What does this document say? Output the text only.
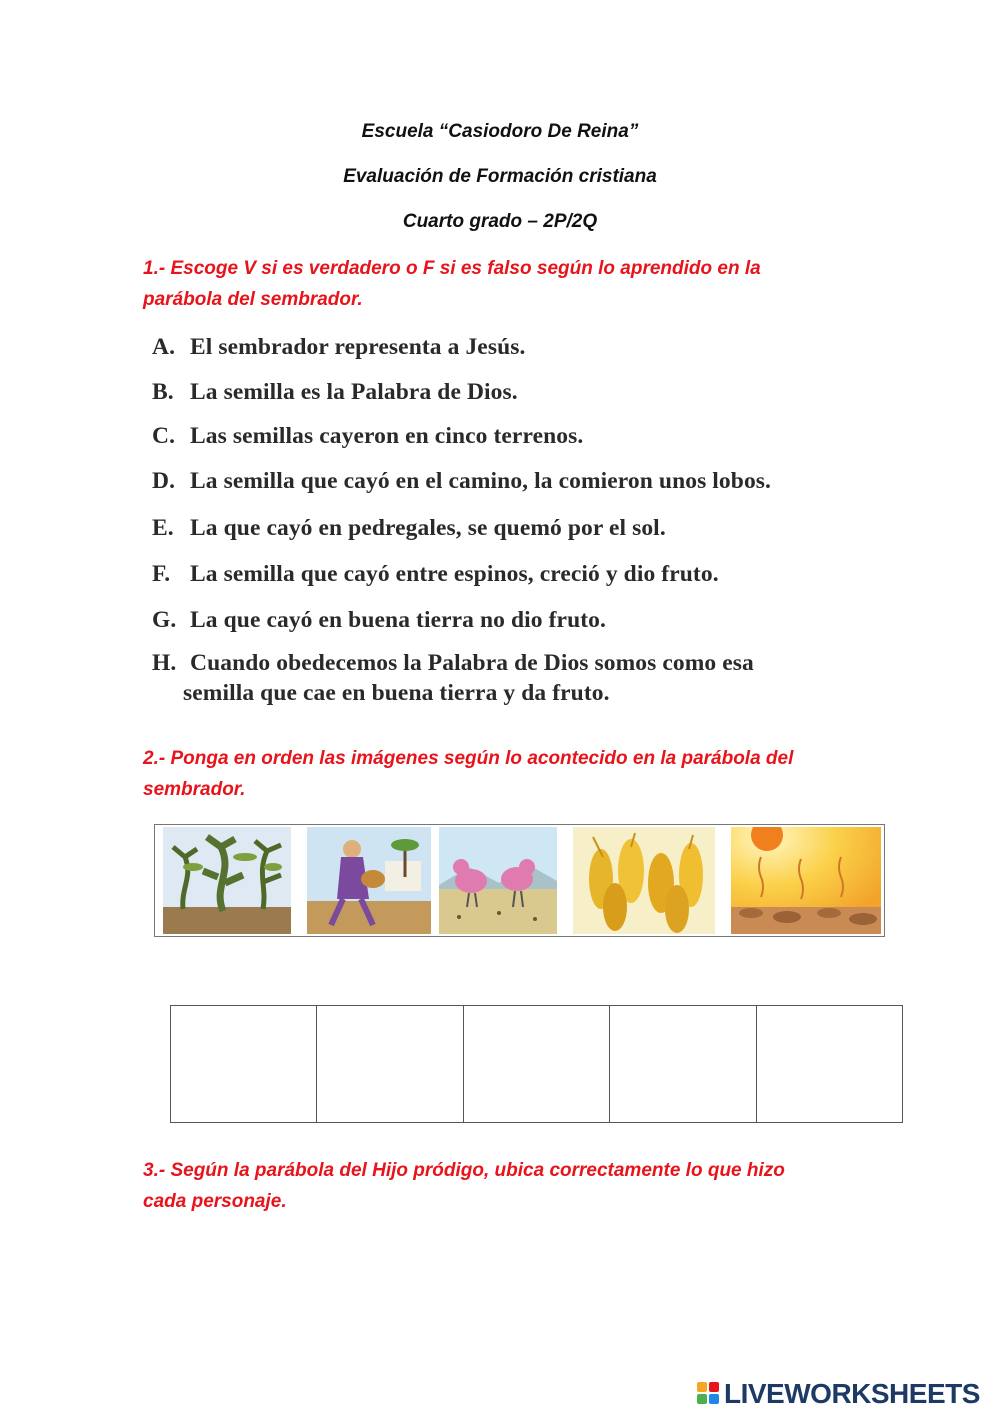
Escuela “Casiodoro De Reina”
Evaluación de Formación cristiana
Cuarto grado – 2P/2Q
1.- Escoge V si es verdadero o F si es falso según lo aprendido en la
parábola del sembrador.
A. El sembrador representa a Jesús.
B. La semilla es la Palabra de Dios.
C. Las semillas cayeron en cinco terrenos.
D. La semilla que cayó en el camino, la comieron unos lobos.
E. La que cayó en pedregales, se quemó por el sol.
F. La semilla que cayó entre espinos, creció y dio fruto.
G. La que cayó en buena tierra no dio fruto.
H. Cuando obedecemos la Palabra de Dios somos como esa
semilla que cae en buena tierra y da fruto.
2.- Ponga en orden las imágenes según lo acontecido en la parábola del
sembrador.
3.- Según la parábola del Hijo pródigo, ubica correctamente lo que hizo
cada personaje.
LIVEWORKSHEETS
